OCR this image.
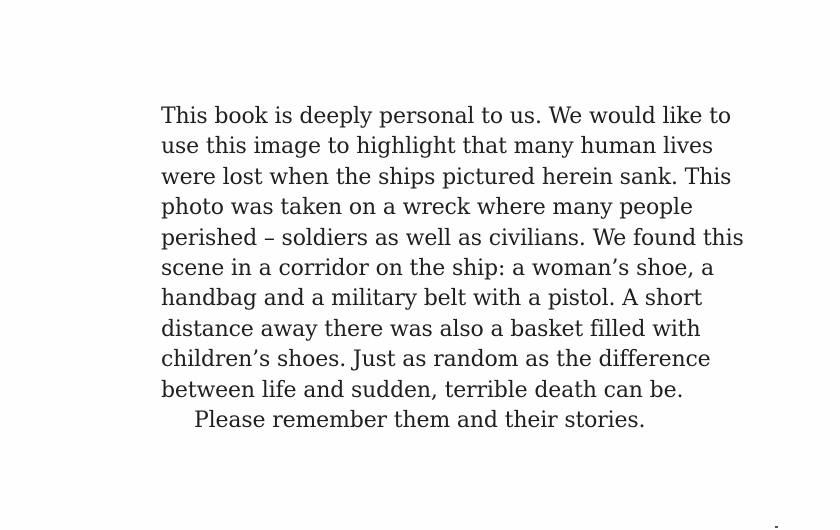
This book is deeply personal to us. We would like to
use this image to highlight that many human lives
were lost when the ships pictured herein sank. This
photo was taken on a wreck where many people
perished – soldiers as well as civilians. We found this
scene in a corridor on the ship: a woman’s shoe, a
handbag and a military belt with a pistol. A short
distance away there was also a basket filled with
children’s shoes. Just as random as the difference
between life and sudden, terrible death can be.
Please remember them and their stories.
